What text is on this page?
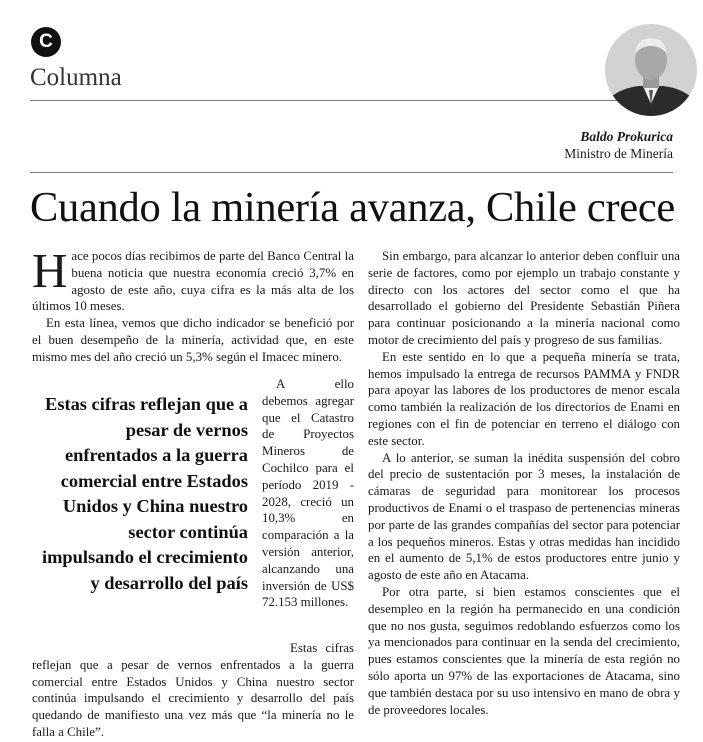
C
Columna
Baldo Prokurica
Ministro de Minería
Cuando la minería avanza, Chile crece

Hace pocos días recibimos de parte del Banco Central la buena noticia que nuestra economía creció 3,7% en agosto de este año, cuya cifra es la más alta de los últimos 10 meses.

En esta línea, vemos que dicho indicador se benefició por el buen desempeño de la minería, actividad que, en este mismo mes del año creció un 5,3% según el Imacec minero.

Estas cifras reflejan que a pesar de vernos enfrentados a la guerra comercial entre Estados Unidos y China nuestro sector continúa impulsando el crecimiento y desarrollo del país

A ello debemos agregar que el Catastro de Proyectos Mineros de Cochilco para el período 2019 - 2028, creció un 10,3% en comparación a la versión anterior, alcanzando una inversión de US$ 72.153 millones.

Estas cifras reflejan que a pesar de vernos enfrentados a la guerra comercial entre Estados Unidos y China nuestro sector continúa impulsando el crecimiento y desarrollo del país quedando de manifiesto una vez más que “la minería no le falla a Chile”.

Sin embargo, para alcanzar lo anterior deben confluir una serie de factores, como por ejemplo un trabajo constante y directo con los actores del sector como el que ha desarrollado el gobierno del Presidente Sebastián Piñera para continuar posicionando a la minería nacional como motor de crecimiento del país y progreso de sus familias.

En este sentido en lo que a pequeña minería se trata, hemos impulsado la entrega de recursos PAMMA y FNDR para apoyar las labores de los productores de menor escala como también la realización de los directorios de Enami en regiones con el fin de potenciar en terreno el diálogo con este sector.

A lo anterior, se suman la inédita suspensión del cobro del precio de sustentación por 3 meses, la instalación de cámaras de seguridad para monitorear los procesos productivos de Enami o el traspaso de pertenencias mineras por parte de las grandes compañías del sector para potenciar a los pequeños mineros. Estas y otras medidas han incidido en el aumento de 5,1% de estos productores entre junio y agosto de este año en Atacama.

Por otra parte, si bien estamos conscientes que el desempleo en la región ha permanecido en una condición que no nos gusta, seguimos redoblando esfuerzos como los ya mencionados para continuar en la senda del crecimiento, pues estamos conscientes que la minería de esta región no sólo aporta un 97% de las exportaciones de Atacama, sino que también destaca por su uso intensivo en mano de obra y de proveedores locales.
